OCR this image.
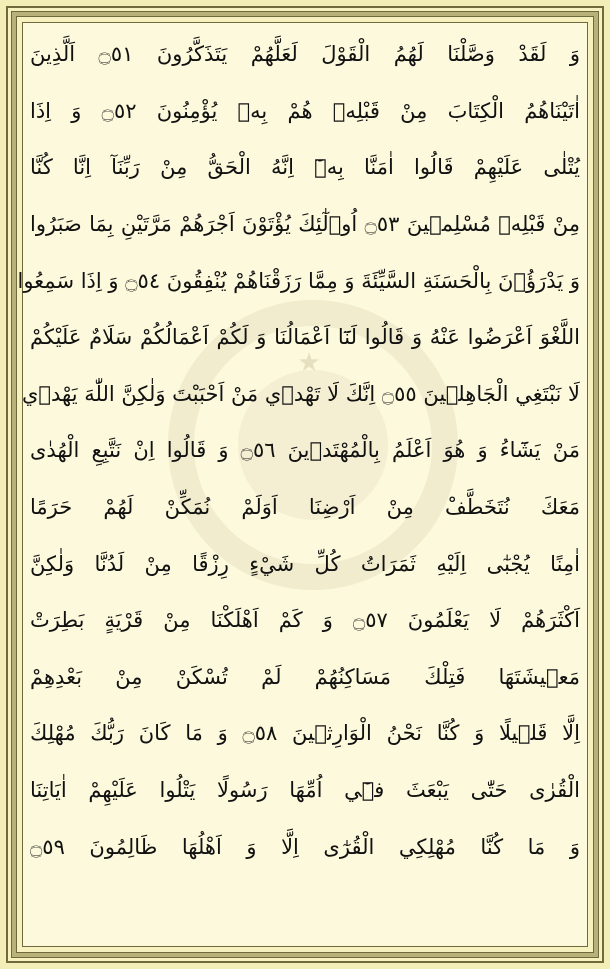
★
وَ لَقَدْ وَصَّلْنَا لَهُمُ الْقَوْلَ لَعَلَّهُمْ يَتَذَكَّرُونَ ۝٥١ اَلَّذِينَ
اٰتَيْنَاهُمُ الْكِتَابَ مِنْ قَبْلِه۪ هُمْ بِه۪ يُؤْمِنُونَ ۝٥٢ وَ اِذَا
يُتْلٰى عَلَيْهِمْ قَالُوا اٰمَنَّا بِه۪ٓ اِنَّهُ الْحَقُّ مِنْ رَبِّنَآ اِنَّا كُنَّا
مِنْ قَبْلِه۪ مُسْلِم۪ينَ ۝٥٣ اُو۬لٰٓئِكَ يُؤْتَوْنَ اَجْرَهُمْ مَرَّتَيْنِ بِمَا صَبَرُوا
وَ يَدْرَؤُ۫نَ بِالْحَسَنَةِ السَّيِّئَةَ وَ مِمَّا رَزَقْنَاهُمْ يُنْفِقُونَ ۝٥٤ وَ اِذَا سَمِعُوا
اللَّغْوَ اَعْرَضُوا عَنْهُ وَ قَالُوا لَنَٓا اَعْمَالُنَا وَ لَكُمْ اَعْمَالُكُمْ سَلَامٌ عَلَيْكُمْ
لَا نَبْتَغِي الْجَاهِل۪ينَ ۝٥٥ اِنَّكَ لَا تَهْد۪ي مَنْ اَحْبَبْتَ وَلٰكِنَّ اللّٰهَ يَهْد۪ي
مَنْ يَشَٓاءُ وَ هُوَ اَعْلَمُ بِالْمُهْتَد۪ينَ ۝٥٦ وَ قَالُوا اِنْ نَتَّبِعِ الْهُدٰى
مَعَكَ نُتَخَطَّفْ مِنْ اَرْضِنَا اَوَلَمْ نُمَكِّنْ لَهُمْ حَرَمًا
اٰمِنًا يُجْبٰٓى اِلَيْهِ ثَمَرَاتُ كُلِّ شَيْءٍ رِزْقًا مِنْ لَدُنَّا وَلٰكِنَّ
اَكْثَرَهُمْ لَا يَعْلَمُونَ ۝٥٧ وَ كَمْ اَهْلَكْنَا مِنْ قَرْيَةٍ بَطِرَتْ
مَع۪يشَتَهَا فَتِلْكَ مَسَاكِنُهُمْ لَمْ تُسْكَنْ مِنْ بَعْدِهِمْ
اِلَّا قَل۪يلًا وَ كُنَّا نَحْنُ الْوَارِث۪ينَ ۝٥٨ وَ مَا كَانَ رَبُّكَ مُهْلِكَ
الْقُرٰى حَتّٰى يَبْعَثَ ف۪ٓي اُمِّهَا رَسُولًا يَتْلُوا عَلَيْهِمْ اٰيَاتِنَا
وَ مَا كُنَّا مُهْلِكِي الْقُرٰٓى اِلَّا وَ اَهْلُهَا ظَالِمُونَ ۝٥٩
